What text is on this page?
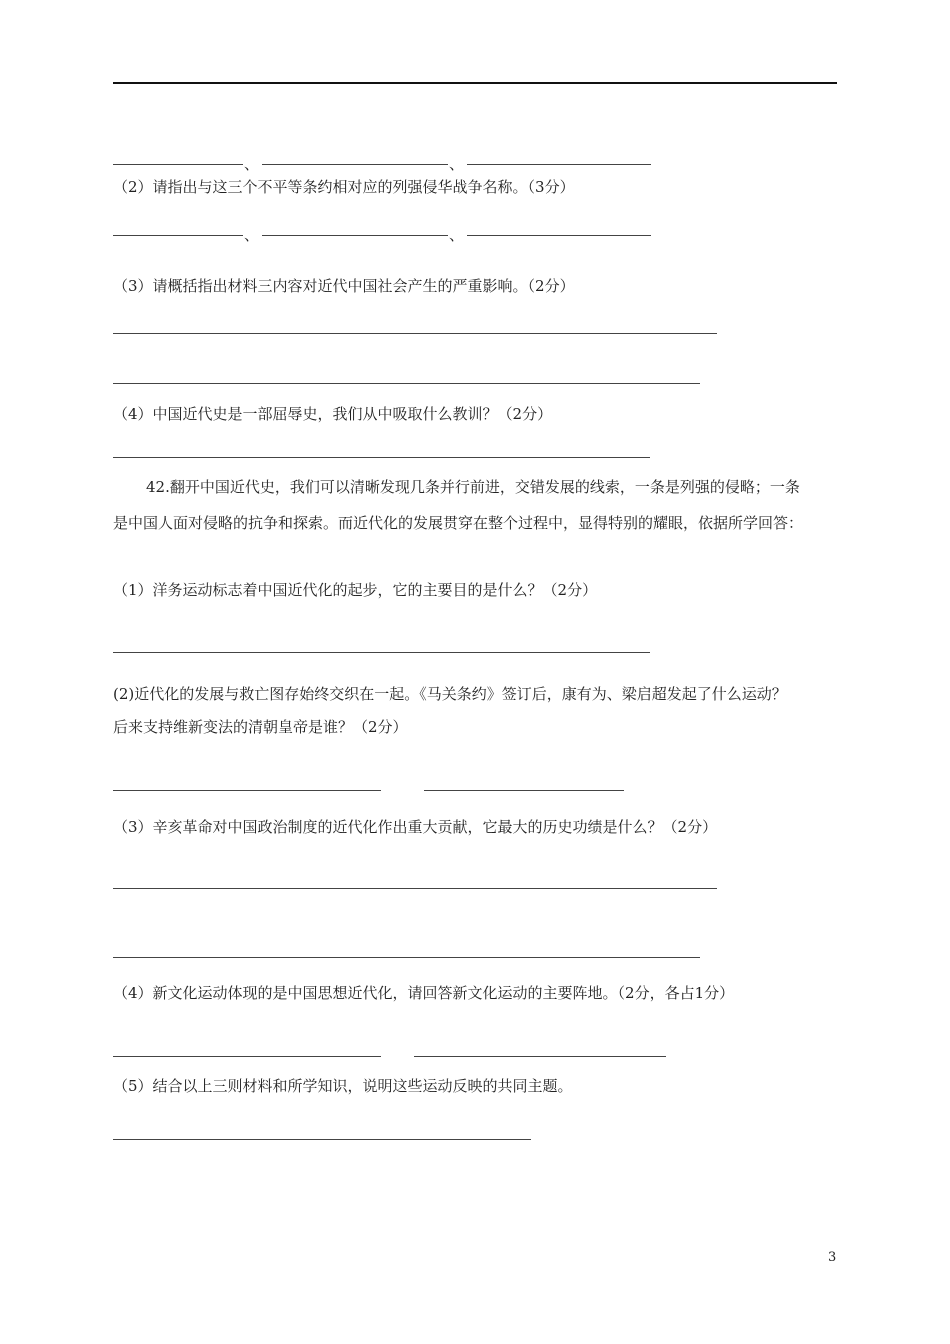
、	、
（2）请指出与这三个不平等条约相对应的列强侵华战争名称。（3分）
、	、
（3）请概括指出材料三内容对近代中国社会产生的严重影响。（2分）
（4）中国近代史是一部屈辱史，我们从中吸取什么教训？（2分）
42.翻开中国近代史，我们可以清晰发现几条并行前进，交错发展的线索，一条是列强的侵略；一条
是中国人面对侵略的抗争和探索。而近代化的发展贯穿在整个过程中，显得特别的耀眼，依据所学回答：
（1）洋务运动标志着中国近代化的起步，它的主要目的是什么？（2分）
(2)近代化的发展与救亡图存始终交织在一起。《马关条约》签订后，康有为、梁启超发起了什么运动？
后来支持维新变法的清朝皇帝是谁？（2分）
（3）辛亥革命对中国政治制度的近代化作出重大贡献，它最大的历史功绩是什么？（2分）
（4）新文化运动体现的是中国思想近代化，请回答新文化运动的主要阵地。（2分，各占1分）
（5）结合以上三则材料和所学知识，说明这些运动反映的共同主题。
3
